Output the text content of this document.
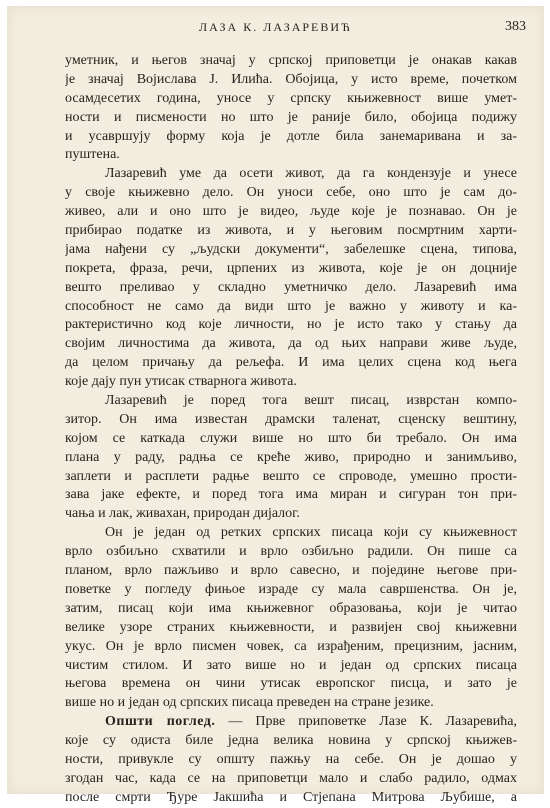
ЛАЗА К. ЛАЗАРЕВИЋ	383
уметник, и његов значај у српској приповетци је онакав какав
је значај Војислава Ј. Илића. Обојица, у исто време, почетком
осамдесетих година, уносе у српску књижевност више умет-
ности и писмености но што је раније било, обојица подижу
и усавршују форму која је дотле била занемаривана и за-
пуштена.
Лазаревић уме да осети живот, да га кондензује и унесе
у своје књижевно дело. Он уноси себе, оно што је сам до-
живео, али и оно што је видео, људе које је познавао. Он је
прибирао податке из живота, и у његовим посмртним харти-
јама нађени су „људски документи“, забелешке сцена, типова,
покрета, фраза, речи, црпених из живота, које је он доцније
вешто преливао у складно уметничко дело. Лазаревић има
способност не само да види што је важно у животу и ка-
рактеристично код које личности, но је исто тако у стању да
својим личностима да живота, да од њих направи живе људе,
да целом причању да рељефа. И има целих сцена код њега
које дају пун утисак стварнога живота.
Лазаревић је поред тога вешт писац, изврстан компо-
зитор. Он има известан драмски таленат, сценску вештину,
којом се каткада служи више но што би требало. Он има
плана у раду, радња се креће живо, природно и занимљиво,
заплети и расплети радње вешто се спроводе, умешно прости-
зава јаке ефекте, и поред тога има миран и сигуран тон при-
чања и лак, живахан, природан дијалог.
Он је један од ретких српских писаца који су књижевност
врло озбиљно схватили и врло озбиљно радили. Он пише са
планом, врло пажљиво и врло савесно, и поједине његове при-
поветке у погледу фињое израде су мала савршенства. Он је,
затим, писац који има књижевног образовања, који је читао
велике узоре страних књижевности, и развијен свој књижевни
укус. Он је врло писмен човек, са израђеним, прецизним, јасним,
чистим стилом. И зато више но и један од српских писаца
његова времена он чини утисак европског писца, и зато је
више но и један од српских писаца преведен на стране језике.
Општи поглед. — Прве приповетке Лазе К. Лазаревића,
које су одиста биле једна велика новина у српској књижев-
ности, привукле су општу пажњу на себе. Он је дошао у
згодан час, када се на приповетци мало и слабо радило, одмах
после смрти Ђуре Јакшића и Стјепана Митрова Љубише, а
